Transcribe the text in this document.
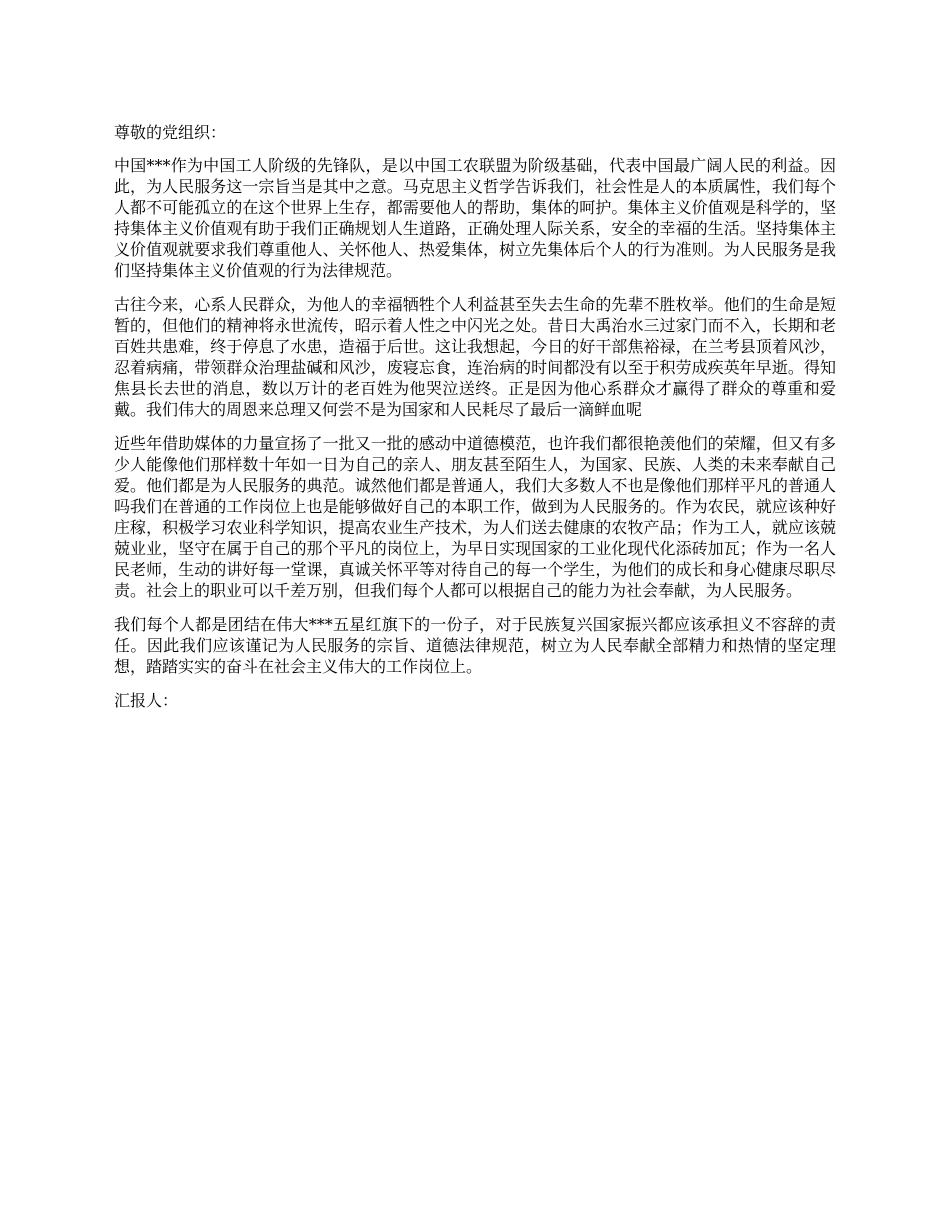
尊敬的党组织：

中国***作为中国工人阶级的先锋队，是以中国工农联盟为阶级基础，代表中国最广阔人民的利益。因此，为人民服务这一宗旨当是其中之意。马克思主义哲学告诉我们，社会性是人的本质属性，我们每个人都不可能孤立的在这个世界上生存，都需要他人的帮助，集体的呵护。集体主义价值观是科学的，坚持集体主义价值观有助于我们正确规划人生道路，正确处理人际关系，安全的幸福的生活。坚持集体主义价值观就要求我们尊重他人、关怀他人、热爱集体，树立先集体后个人的行为准则。为人民服务是我们坚持集体主义价值观的行为法律规范。

古往今来，心系人民群众，为他人的幸福牺牲个人利益甚至失去生命的先辈不胜枚举。他们的生命是短暂的，但他们的精神将永世流传，昭示着人性之中闪光之处。昔日大禹治水三过家门而不入，长期和老百姓共患难，终于停息了水患，造福于后世。这让我想起，今日的好干部焦裕禄，在兰考县顶着风沙，忍着病痛，带领群众治理盐碱和风沙，废寝忘食，连治病的时间都没有以至于积劳成疾英年早逝。得知焦县长去世的消息，数以万计的老百姓为他哭泣送终。正是因为他心系群众才赢得了群众的尊重和爱戴。我们伟大的周恩来总理又何尝不是为国家和人民耗尽了最后一滴鲜血呢

近些年借助媒体的力量宣扬了一批又一批的感动中道德模范，也许我们都很艳羡他们的荣耀，但又有多少人能像他们那样数十年如一日为自己的亲人、朋友甚至陌生人，为国家、民族、人类的未来奉献自己爱。他们都是为人民服务的典范。诚然他们都是普通人，我们大多数人不也是像他们那样平凡的普通人吗我们在普通的工作岗位上也是能够做好自己的本职工作，做到为人民服务的。作为农民，就应该种好庄稼，积极学习农业科学知识，提高农业生产技术，为人们送去健康的农牧产品；作为工人，就应该兢兢业业，坚守在属于自己的那个平凡的岗位上，为早日实现国家的工业化现代化添砖加瓦；作为一名人民老师，生动的讲好每一堂课，真诚关怀平等对待自己的每一个学生，为他们的成长和身心健康尽职尽责。社会上的职业可以千差万别，但我们每个人都可以根据自己的能力为社会奉献，为人民服务。

我们每个人都是团结在伟大***五星红旗下的一份子，对于民族复兴国家振兴都应该承担义不容辞的责任。因此我们应该谨记为人民服务的宗旨、道德法律规范，树立为人民奉献全部精力和热情的坚定理想，踏踏实实的奋斗在社会主义伟大的工作岗位上。

汇报人：
